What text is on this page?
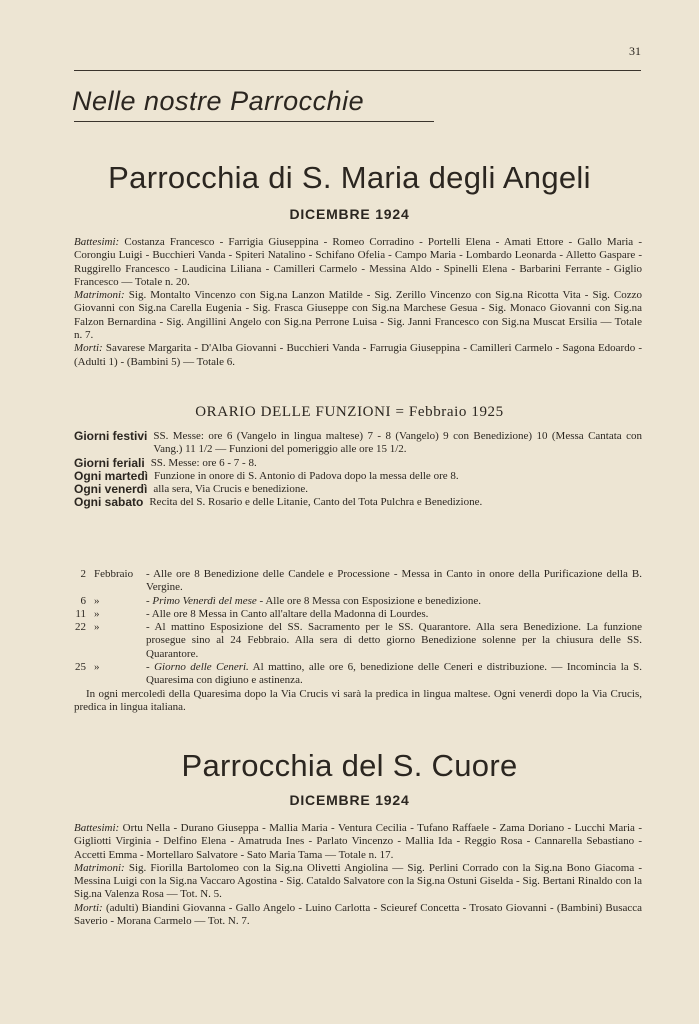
31
Nelle nostre Parrocchie
Parrocchia di S. Maria degli Angeli
DICEMBRE 1924

Battesimi: Costanza Francesco - Farrigia Giuseppina - Romeo Corradino - Portelli Elena - Amati Ettore - Gallo Maria - Corongiu Luigi - Bucchieri Vanda - Spiteri Natalino - Schifano Ofelia - Campo Maria - Lombardo Leonarda - Alletto Gaspare - Ruggirello Francesco - Laudicina Liliana - Camilleri Carmelo - Messina Aldo - Spinelli Elena - Barbarini Ferrante - Giglio Francesco — Totale n. 20.

Matrimoni: Sig. Montalto Vincenzo con Sig.na Lanzon Matilde - Sig. Zerillo Vincenzo con Sig.na Ricotta Vita - Sig. Cozzo Giovanni con Sig.na Carella Eugenia - Sig. Frasca Giuseppe con Sig.na Marchese Gesua - Sig. Monaco Giovanni con Sig.na Falzon Bernardina - Sig. Angillini Angelo con Sig.na Perrone Luisa - Sig. Janni Francesco con Sig.na Muscat Ersilia — Totale n. 7.

Morti: Savarese Margarita - D'Alba Giovanni - Bucchieri Vanda - Farrugia Giuseppina - Camilleri Carmelo - Sagona Edoardo - (Adulti 1) - (Bambini 5) — Totale 6.

ORARIO DELLE FUNZIONI = Febbraio 1925
Giorni festivi SS. Messe: ore 6 (Vangelo in lingua maltese) 7 - 8 (Vangelo) 9 con Benedizione) 10 (Messa Cantata con Vang.) 11 1/2 — Funzioni del pomeriggio alle ore 15 1/2.
Giorni feriali SS. Messe: ore 6 - 7 - 8.
Ogni martedì Funzione in onore di S. Antonio di Padova dopo la messa delle ore 8.
Ogni venerdì alla sera, Via Crucis e benedizione.
Ogni sabato Recita del S. Rosario e delle Litanie, Canto del Tota Pulchra e Benedizione.
2 Febbraio	- Alle ore 8 Benedizione delle Candele e Processione - Messa in Canto in onore della Purificazione della B. Vergine.
6 »	- Primo Venerdì del mese - Alle ore 8 Messa con Esposizione e benedizione.
11 »	- Alle ore 8 Messa in Canto all'altare della Madonna di Lourdes.
22 »	- Al mattino Esposizione del SS. Sacramento per le SS. Quarantore. Alla sera Benedizione. La funzione prosegue sino al 24 Febbraio. Alla sera di detto giorno Benedizione solenne per la chiusura delle SS. Quarantore.
25 »	- Giorno delle Ceneri. Al mattino, alle ore 6, benedizione delle Ceneri e distribuzione. — Incomincia la S. Quaresima con digiuno e astinenza.
In ogni mercoledì della Quaresima dopo la Via Crucis vi sarà la predica in lingua maltese. Ogni venerdì dopo la Via Crucis, predica in lingua italiana.
Parrocchia del S. Cuore
DICEMBRE 1924

Battesimi: Ortu Nella - Durano Giuseppa - Mallia Maria - Ventura Cecilia - Tufano Raffaele - Zama Doriano - Lucchi Maria - Gigliotti Virginia - Delfino Elena - Amatruda Ines - Parlato Vincenzo - Mallia Ida - Reggio Rosa - Cannarella Sebastiano - Accetti Emma - Mortellaro Salvatore - Sato Maria Tama — Totale n. 17.

Matrimoni: Sig. Fiorilla Bartolomeo con la Sig.na Olivetti Angiolina — Sig. Perlini Corrado con la Sig.na Bono Giacoma - Messina Luigi con la Sig.na Vaccaro Agostina - Sig. Cataldo Salvatore con la Sig.na Ostuni Giselda - Sig. Bertani Rinaldo con la Sig.na Valenza Rosa — Tot. N. 5.

Morti: (adulti) Biandini Giovanna - Gallo Angelo - Luino Carlotta - Scieuref Concetta - Trosato Giovanni - (Bambini) Busacca Saverio - Morana Carmelo — Tot. N. 7.
